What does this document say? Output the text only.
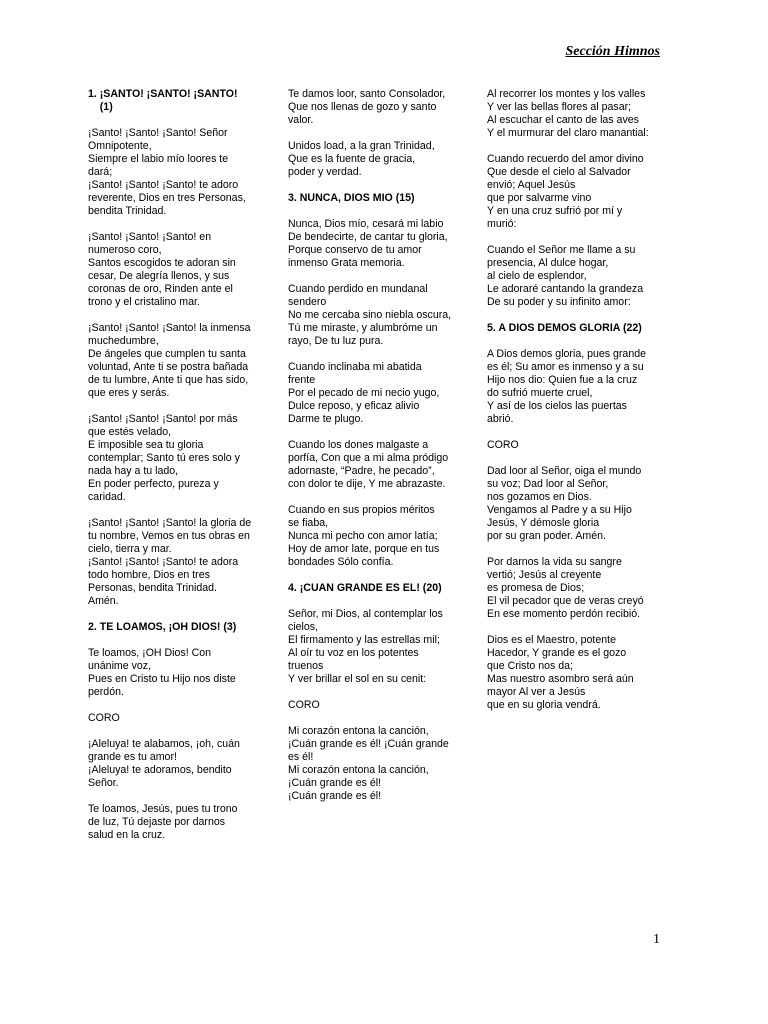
Sección Himnos
1. ¡SANTO! ¡SANTO! ¡SANTO!
(1)
¡Santo! ¡Santo! ¡Santo! Señor
Omnipotente,
Siempre el labio mío loores te
dará;
¡Santo! ¡Santo! ¡Santo! te adoro
reverente, Dios en tres Personas,
bendita Trinidad.
¡Santo! ¡Santo! ¡Santo! en
numeroso coro,
Santos escogidos te adoran sin
cesar, De alegría llenos, y sus
coronas de oro, Rinden ante el
trono y el cristalino mar.
¡Santo! ¡Santo! ¡Santo! la inmensa
muchedumbre,
De ángeles que cumplen tu santa
voluntad, Ante ti se postra bañada
de tu lumbre, Ante ti que has sido,
que eres y serás.
¡Santo! ¡Santo! ¡Santo! por más
que estés velado,
E imposible sea tu gloria
contemplar; Santo tú eres solo y
nada hay a tu lado,
En poder perfecto, pureza y
caridad.
¡Santo! ¡Santo! ¡Santo! la gloria de
tu nombre, Vemos en tus obras en
cielo, tierra y mar.
¡Santo! ¡Santo! ¡Santo! te adora
todo hombre, Dios en tres
Personas, bendita Trinidad.
Amén.
2. TE LOAMOS, ¡OH DIOS! (3)
Te loamos, ¡OH Dios! Con
unánime voz,
Pues en Cristo tu Hijo nos diste
perdón.
CORO
¡Aleluya! te alabamos, ¡oh, cuán
grande es tu amor!
¡Aleluya! te adoramos, bendito
Señor.
Te loamos, Jesús, pues tu trono
de luz, Tú dejaste por darnos
salud en la cruz.
Te damos loor, santo Consolador,
Que nos llenas de gozo y santo
valor.
Unidos load, a la gran Trinidad,
Que es la fuente de gracia,
poder y verdad.
3. NUNCA, DIOS MIO (15)
Nunca, Dios mío, cesará mi labio
De bendecirte, de cantar tu gloria,
Porque conservo de tu amor
inmenso Grata memoria.
Cuando perdido en mundanal
sendero
No me cercaba sino niebla oscura,
Tú me miraste, y alumbróme un
rayo, De tu luz pura.
Cuando inclinaba mi abatida
frente
Por el pecado de mi necio yugo,
Dulce reposo, y eficaz alivio
Darme te plugo.
Cuando los dones malgaste a
porfía, Con que a mi alma pródigo
adornaste, “Padre, he pecado”,
con dolor te dije, Y me abrazaste.
Cuando en sus propios méritos
se fiaba,
Nunca mi pecho con amor latía;
Hoy de amor late, porque en tus
bondades Sólo confía.
4. ¡CUAN GRANDE ES EL! (20)
Señor, mi Dios, al contemplar los
cielos,
El firmamento y las estrellas mil;
Al oír tu voz en los potentes
truenos
Y ver brillar el sol en su cenit:
CORO
Mi corazón entona la canción,
¡Cuán grande es él! ¡Cuán grande
es él!
Mi corazón entona la canción,
¡Cuán grande es él!
¡Cuán grande es él!
Al recorrer los montes y los valles
Y ver las bellas flores al pasar;
Al escuchar el canto de las aves
Y el murmurar del claro manantial:
Cuando recuerdo del amor divino
Que desde el cielo al Salvador
envió; Aquel Jesús
que por salvarme vino
Y en una cruz sufrió por mí y
murió:
Cuando el Señor me llame a su
presencia, Al dulce hogar,
al cielo de esplendor,
Le adoraré cantando la grandeza
De su poder y su infinito amor:
5. A DIOS DEMOS GLORIA (22)
A Dios demos gloria, pues grande
es él; Su amor es inmenso y a su
Hijo nos dio: Quien fue a la cruz
do sufrió muerte cruel,
Y así de los cielos las puertas
abrió.
CORO
Dad loor al Señor, oiga el mundo
su voz; Dad loor al Señor,
nos gozamos en Dios.
Vengamos al Padre y a su Hijo
Jesús, Y démosle gloria
por su gran poder. Amén.
Por darnos la vida su sangre
vertió; Jesús al creyente
es promesa de Dios;
El vil pecador que de veras creyó
En ese momento perdón recibió.
Dios es el Maestro, potente
Hacedor, Y grande es el gozo
que Cristo nos da;
Mas nuestro asombro será aún
mayor Al ver a Jesús
que en su gloria vendrá.
1
